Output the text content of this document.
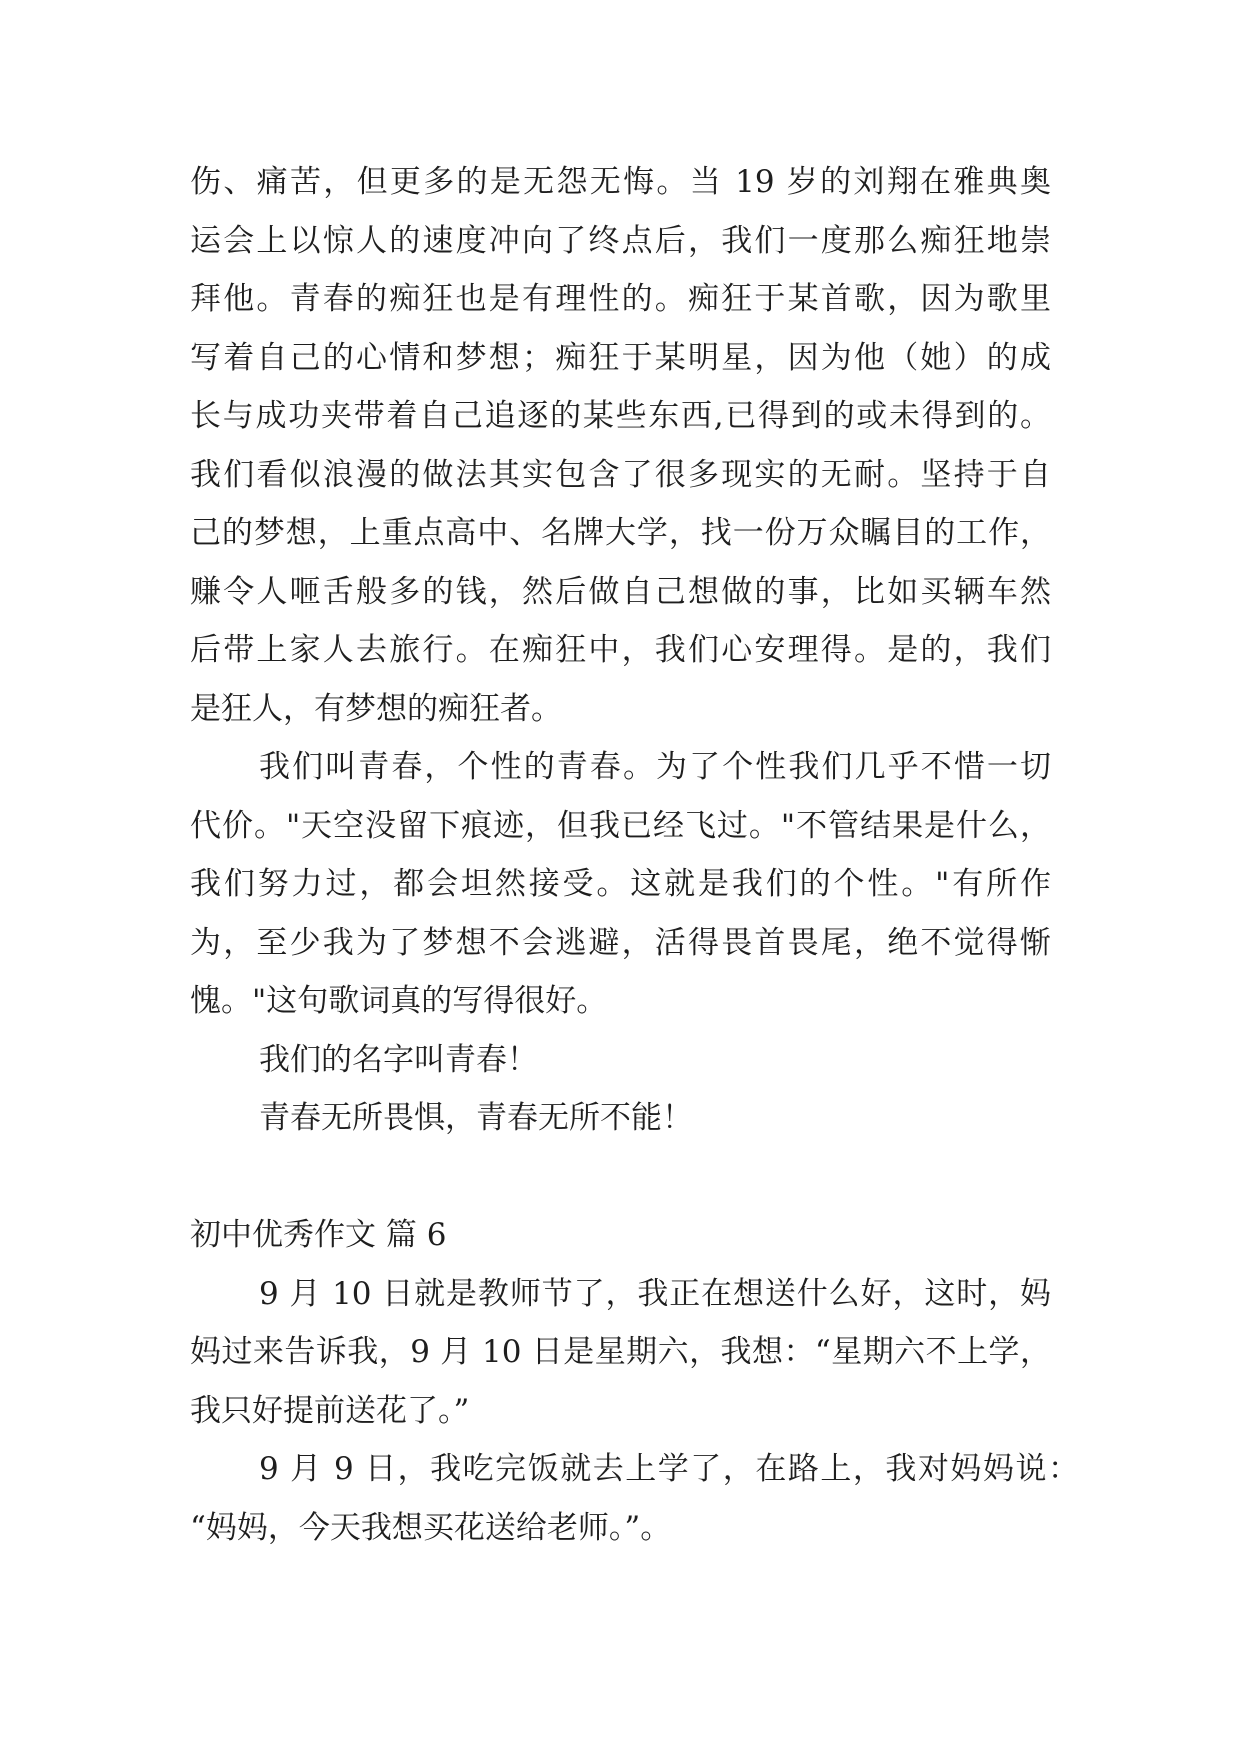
伤、痛苦，但更多的是无怨无悔。当 19 岁的刘翔在雅典奥
运会上以惊人的速度冲向了终点后，我们一度那么痴狂地崇
拜他。青春的痴狂也是有理性的。痴狂于某首歌，因为歌里
写着自己的心情和梦想；痴狂于某明星，因为他（她）的成
长与成功夹带着自己追逐的某些东西,已得到的或未得到的。
我们看似浪漫的做法其实包含了很多现实的无耐。坚持于自
己的梦想，上重点高中、名牌大学，找一份万众瞩目的工作，
赚令人咂舌般多的钱，然后做自己想做的事，比如买辆车然
后带上家人去旅行。在痴狂中，我们心安理得。是的，我们
是狂人，有梦想的痴狂者。
我们叫青春，个性的青春。为了个性我们几乎不惜一切
代价。"天空没留下痕迹，但我已经飞过。"不管结果是什么，
我们努力过，都会坦然接受。这就是我们的个性。"有所作
为，至少我为了梦想不会逃避，活得畏首畏尾，绝不觉得惭
愧。"这句歌词真的写得很好。
我们的名字叫青春！
青春无所畏惧，青春无所不能！
初中优秀作文 篇 6
9 月 10 日就是教师节了，我正在想送什么好，这时，妈
妈过来告诉我，9 月 10 日是星期六，我想：“星期六不上学，
我只好提前送花了。”
9 月 9 日，我吃完饭就去上学了，在路上，我对妈妈说：
“妈妈，今天我想买花送给老师。”。
